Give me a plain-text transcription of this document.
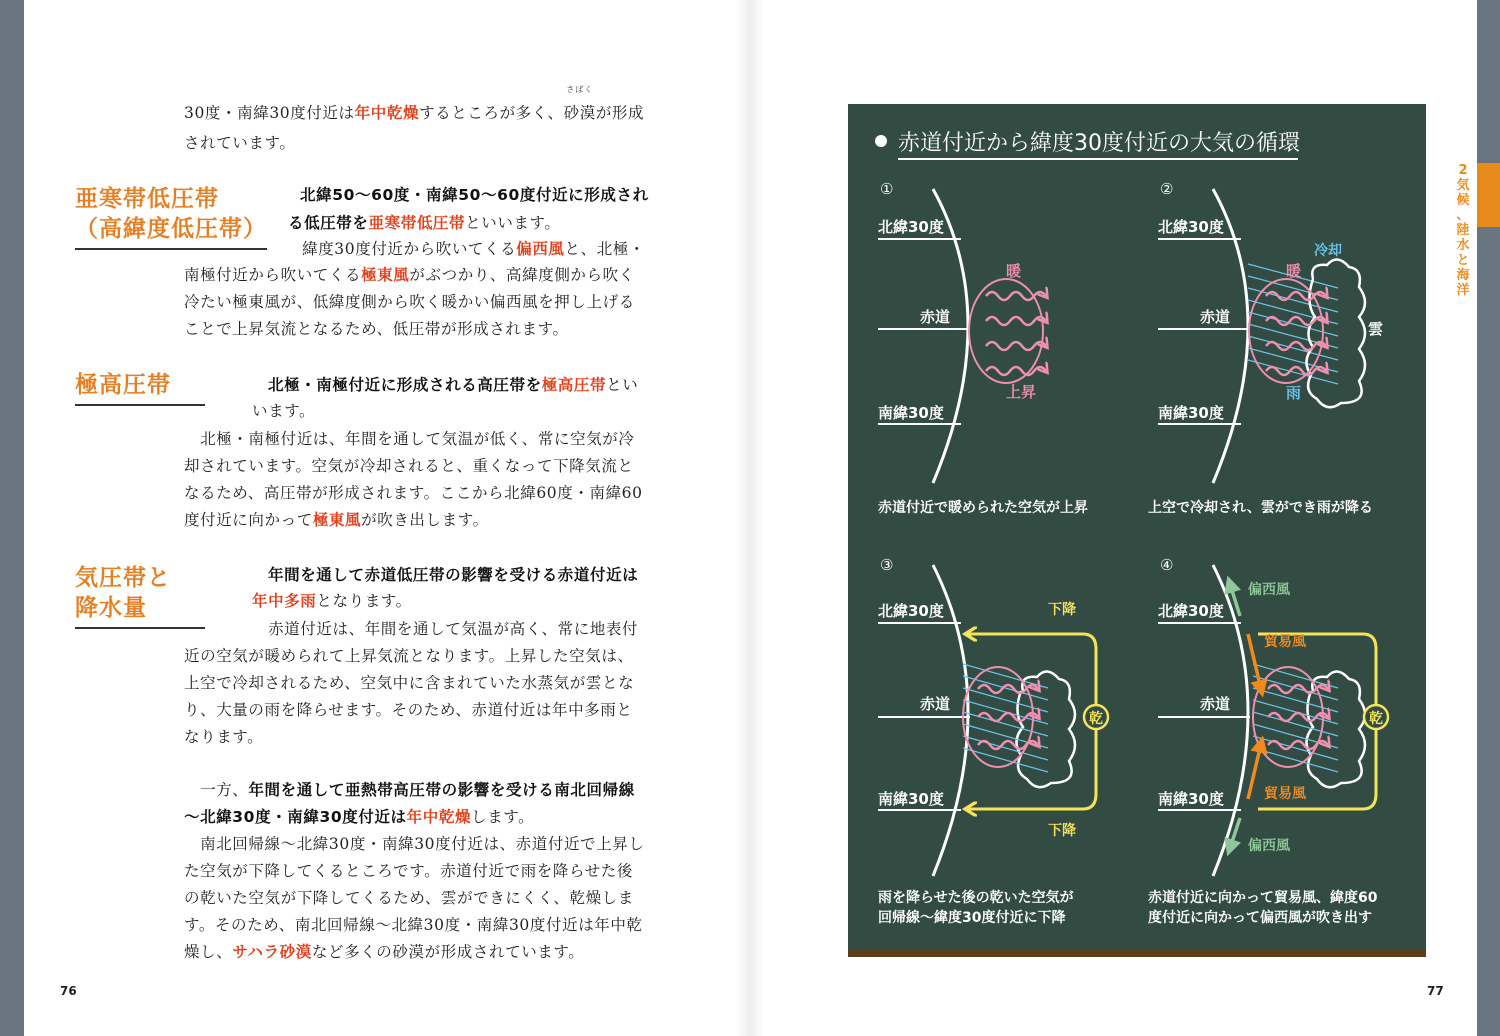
30度・南緯30度付近は年中乾燥するところが多く、
さばく
砂漠が形成

されています。

亜寒帯低圧帯
（高緯度低圧帯）

北緯50〜60度・南緯50〜60度付近に形成され

る低圧帯を亜寒帯低圧帯といいます。

　緯度30度付近から吹いてくる偏西風と、北極・

南極付近から吹いてくる極東風がぶつかり、高緯度側から吹く

冷たい極東風が、低緯度側から吹く暖かい偏西風を押し上げる

ことで上昇気流となるため、低圧帯が形成されます。

極高圧帯	北極・南極付近に形成される高圧帯を極高圧帯とい

います。

　北極・南極付近は、年間を通して気温が低く、常に空気が冷

却されています。空気が冷却されると、重くなって下降気流と

なるため、高圧帯が形成されます。ここから北緯60度・南緯60

度付近に向かって極東風が吹き出します。

気圧帯と
降水量

年間を通して赤道低圧帯の影響を受ける赤道付近は

年中多雨となります。

　赤道付近は、年間を通して気温が高く、常に地表付

近の空気が暖められて上昇気流となります。上昇した空気は、

上空で冷却されるため、空気中に含まれていた水蒸気が雲とな

り、大量の雨を降らせます。そのため、赤道付近は年中多雨と

なります。

　一方、年間を通して亜熱帯高圧帯の影響を受ける南北回帰線

〜北緯30度・南緯30度付近は年中乾燥します。

　南北回帰線〜北緯30度・南緯30度付近は、赤道付近で上昇し

た空気が下降してくるところです。赤道付近で雨を降らせた後

の乾いた空気が下降してくるため、雲ができにくく、乾燥しま

す。そのため、南北回帰線〜北緯30度・南緯30度付近は年中乾

燥し、サハラ砂漠など多くの砂漠が形成されています。

76
赤道付近から緯度30度付近の大気の循環
①
北緯30度
赤道
南緯30度
暖
上昇
赤道付近で暖められた空気が上昇
②
北緯30度
赤道
南緯30度
暖
冷却
雲
雨
上空で冷却され、雲ができ雨が降る
③
北緯30度
赤道
南緯30度
乾
下降
下降
雨を降らせた後の乾いた空気が
回帰線〜緯度30度付近に下降
④
北緯30度
赤道
南緯30度
乾
偏西風
貿易風
貿易風
偏西風
赤道付近に向かって貿易風、緯度60
度付近に向かって偏西風が吹き出す
2
気
候
、
陸
水
と
海
洋
77
